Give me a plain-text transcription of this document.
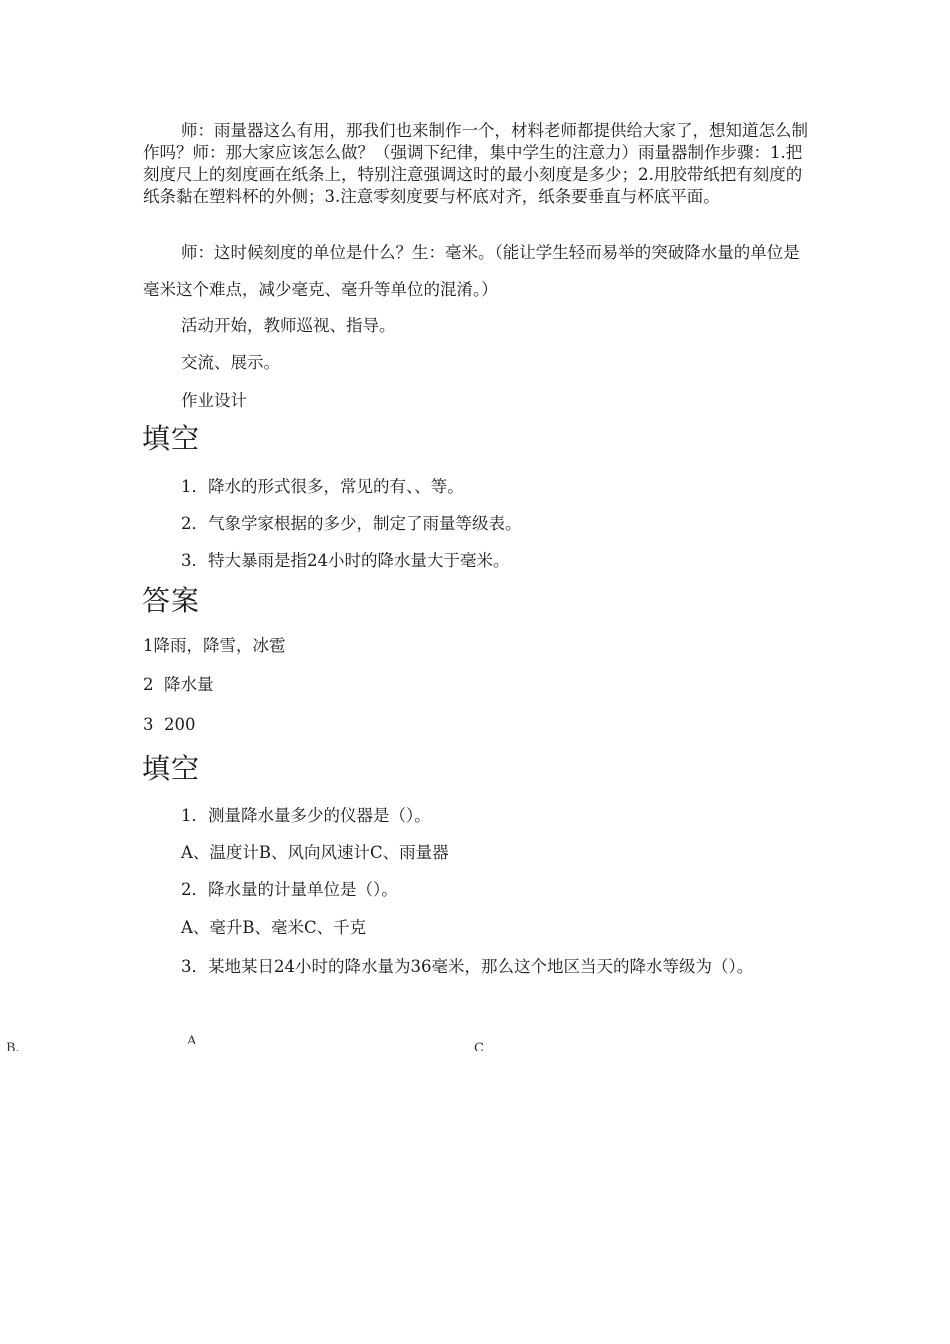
师：雨量器这么有用，那我们也来制作一个，材料老师都提供给大家了，想知道怎么制作吗？师：那大家应该怎么做？（强调下纪律，集中学生的注意力）雨量器制作步骤：1.把刻度尺上的刻度画在纸条上，特别注意强调这时的最小刻度是多少；2.用胶带纸把有刻度的纸条黏在塑料杯的外侧；3.注意零刻度要与杯底对齐，纸条要垂直与杯底平面。

师：这时候刻度的单位是什么？生：毫米。（能让学生轻而易举的突破降水量的单位是毫米这个难点，减少毫克、毫升等单位的混淆。）

活动开始，教师巡视、指导。

交流、展示。

作业设计

填空

1．降水的形式很多，常见的有、、等。

2．气象学家根据的多少，制定了雨量等级表。

3．特大暴雨是指24小时的降水量大于毫米。

答案

1降雨，降雪，冰雹

2  降水量

3  200

填空

1．测量降水量多少的仪器是（）。

A、温度计B、风向风速计C、雨量器

2．降水量的计量单位是（）。

A、毫升B、毫米C、千克

3．某地某日24小时的降水量为36毫米，那么这个地区当天的降水等级为（）。

B.	A	C
